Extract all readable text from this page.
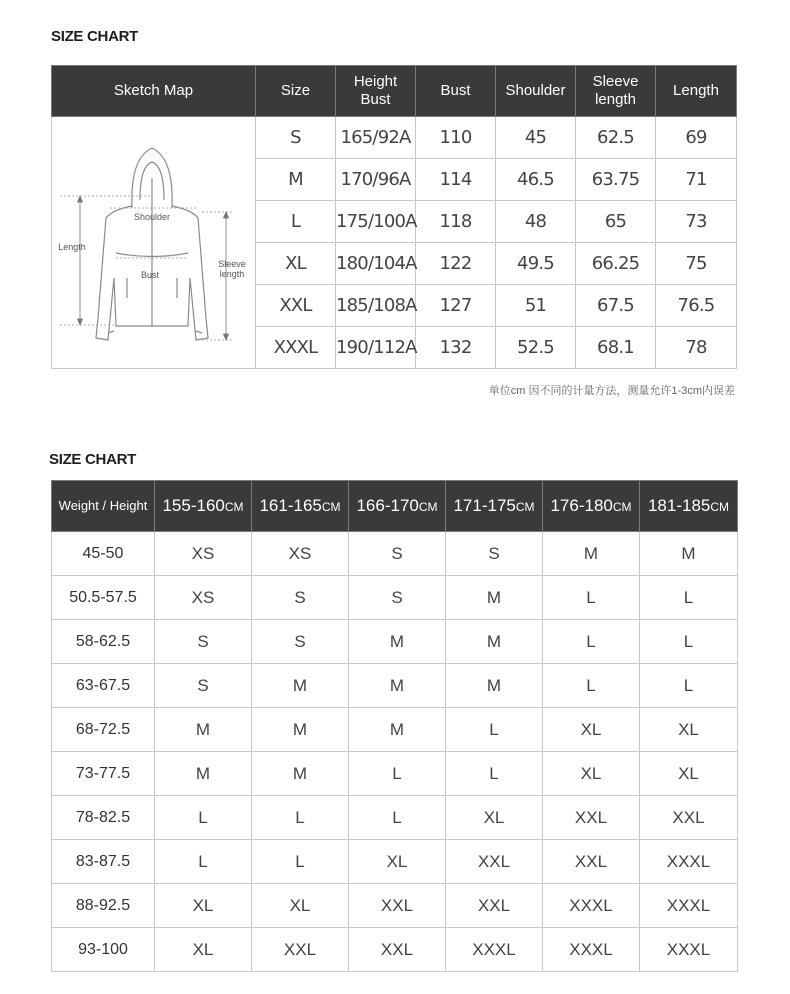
SIZE CHART
Sketch Map	Size	Height Bust	Bust	Shoulder	Sleeve length	Length

Shoulder
Length
Bust
Sleeve length	S	165/92A	110	45	62.5	69
	M	170/96A	114	46.5	63.75	71
	L	175/100A	118	48	65	73
	XL	180/104A	122	49.5	66.25	75
	XXL	185/108A	127	51	67.5	76.5
	XXXL	190/112A	132	52.5	68.1	78
单位cm 因不同的计量方法，测量允许1-3cm内误差
SIZE CHART
Weight / Height	155-160CM	161-165CM	166-170CM	171-175CM	176-180CM	181-185CM
45-50	XS	XS	S	S	M	M
50.5-57.5	XS	S	S	M	L	L
58-62.5	S	S	M	M	L	L
63-67.5	S	M	M	M	L	L
68-72.5	M	M	M	L	XL	XL
73-77.5	M	M	L	L	XL	XL
78-82.5	L	L	L	XL	XXL	XXL
83-87.5	L	L	XL	XXL	XXL	XXXL
88-92.5	XL	XL	XXL	XXL	XXXL	XXXL
93-100	XL	XXL	XXL	XXXL	XXXL	XXXL
